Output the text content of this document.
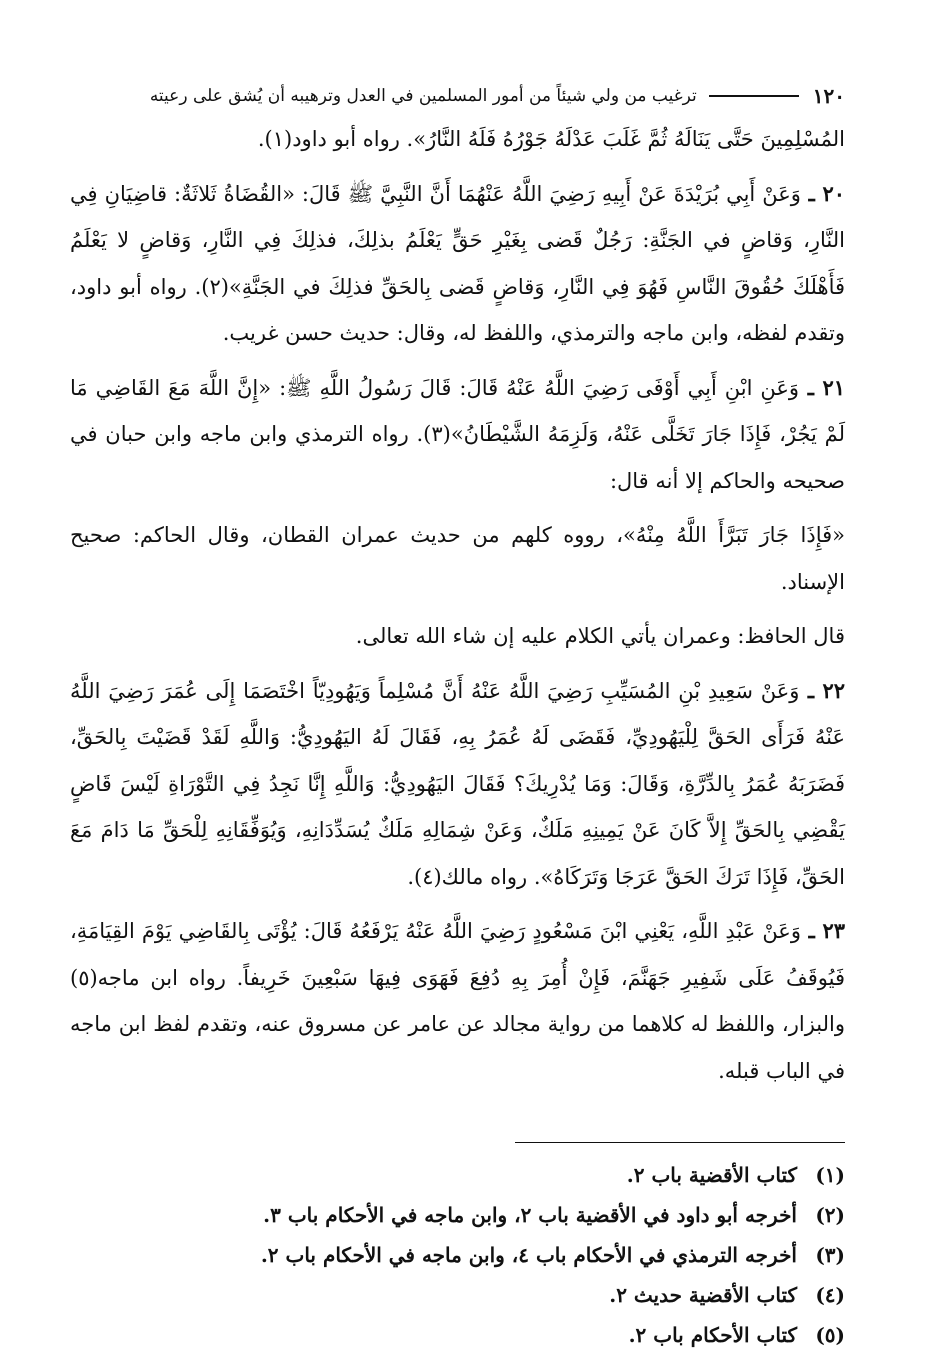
١٢٠
ترغيب من ولي شيئاً من أمور المسلمين في العدل وترهيبه أن يُشق على رعيته

المُسْلِمِينَ حَتَّى يَنَالَهُ ثُمَّ غَلَبَ عَدْلَهُ جَوْرُهُ فَلَهُ النَّارُ». رواه أبو داود(١).

٢٠ ـ وَعَنْ أَبِي بُرَيْدَةَ عَنْ أَبِيهِ رَضِيَ اللَّهُ عَنْهُمَا أَنَّ النَّبِيَّ ﷺ قَالَ: «القُضَاةُ ثَلاثَةٌ: قاضِيَانِ فِي النَّارِ، وَقاضٍ في الجَنَّةِ: رَجُلٌ قَضى بِغَيْرِ حَقٍّ يَعْلَمُ بذلِكَ، فذلِكَ فِي النَّارِ، وَقاضٍ لا يَعْلَمُ فَأَهْلَكَ حُقُوقَ النَّاسِ فَهُوَ فِي النَّارِ، وَقاضٍ قَضى بِالحَقِّ فذلِكَ في الجَنَّةِ»(٢). رواه أبو داود، وتقدم لفظه، وابن ماجه والترمذي، واللفظ له، وقال: حديث حسن غريب.

٢١ ـ وَعَنِ ابْنِ أَبِي أَوْفَى رَضِيَ اللَّهُ عَنْهُ قَالَ: قَالَ رَسُولُ اللَّهِ ﷺ: «إِنَّ اللَّهَ مَعَ القَاضِي مَا لَمْ يَجُرْ، فَإِذَا جَارَ تَخَلَّى عَنْهُ، وَلَزِمَهُ الشَّيْطَانُ»(٣). رواه الترمذي وابن ماجه وابن حبان في صحيحه والحاكم إلا أنه قال:

«فَإِذَا جَارَ تَبَرَّأَ اللَّهُ مِنْهُ»، رووه كلهم من حديث عمران القطان، وقال الحاكم: صحيح الإسناد.

قال الحافظ: وعمران يأتي الكلام عليه إن شاء الله تعالى.

٢٢ ـ وَعَنْ سَعِيدِ بْنِ المُسَيِّبِ رَضِيَ اللَّهُ عَنْهُ أَنَّ مُسْلِماً وَيَهُودِيّاً اخْتَصَمَا إِلَى عُمَرَ رَضِيَ اللَّهُ عَنْهُ فَرَأَى الحَقَّ لِلْيَهُودِيِّ، فَقَضَى لَهُ عُمَرُ بِهِ، فَقَالَ لَهُ اليَهُودِيُّ: وَاللَّهِ لَقَدْ قَضَيْتَ بِالحَقِّ، فَضَرَبَهُ عُمَرُ بِالدِّرَّةِ، وَقَالَ: وَمَا يُدْرِيكَ؟ فَقَالَ اليَهُودِيُّ: وَاللَّهِ إِنَّا نَجِدُ فِي التَّوْرَاةِ لَيْسَ قَاضٍ يَقْضِي بِالحَقِّ إِلاَّ كَانَ عَنْ يَمِينِهِ مَلَكٌ، وَعَنْ شِمَالِهِ مَلَكٌ يُسَدِّدَانِهِ، وَيُوَفِّقَانِهِ لِلْحَقِّ مَا دَامَ مَعَ الحَقِّ، فَإِذَا تَرَكَ الحَقَّ عَرَجَا وَتَرَكَاهُ». رواه مالك(٤).

٢٣ ـ وَعَنْ عَبْدِ اللَّهِ، يَعْنِي ابْنَ مَسْعُودٍ رَضِيَ اللَّهُ عَنْهُ يَرْفَعُهُ قَالَ: يُؤْتَى بِالقَاضِي يَوْمَ القِيَامَةِ، فَيُوقَفُ عَلَى شَفِيرِ جَهَنَّمَ، فَإِنْ أُمِرَ بِهِ دُفِعَ فَهَوَى فِيهَا سَبْعِينَ خَرِيفاً. رواه ابن ماجه(٥) والبزار، واللفظ له كلاهما من رواية مجالد عن عامر عن مسروق عنه، وتقدم لفظ ابن ماجه في الباب قبله.

(١)
كتاب الأقضية باب ٢.
(٢)
أخرجه أبو داود في الأقضية باب ٢، وابن ماجه في الأحكام باب ٣.
(٣)
أخرجه الترمذي في الأحكام باب ٤، وابن ماجه في الأحكام باب ٢.
(٤)
كتاب الأقضية حديث ٢.
(٥)
كتاب الأحكام باب ٢.
